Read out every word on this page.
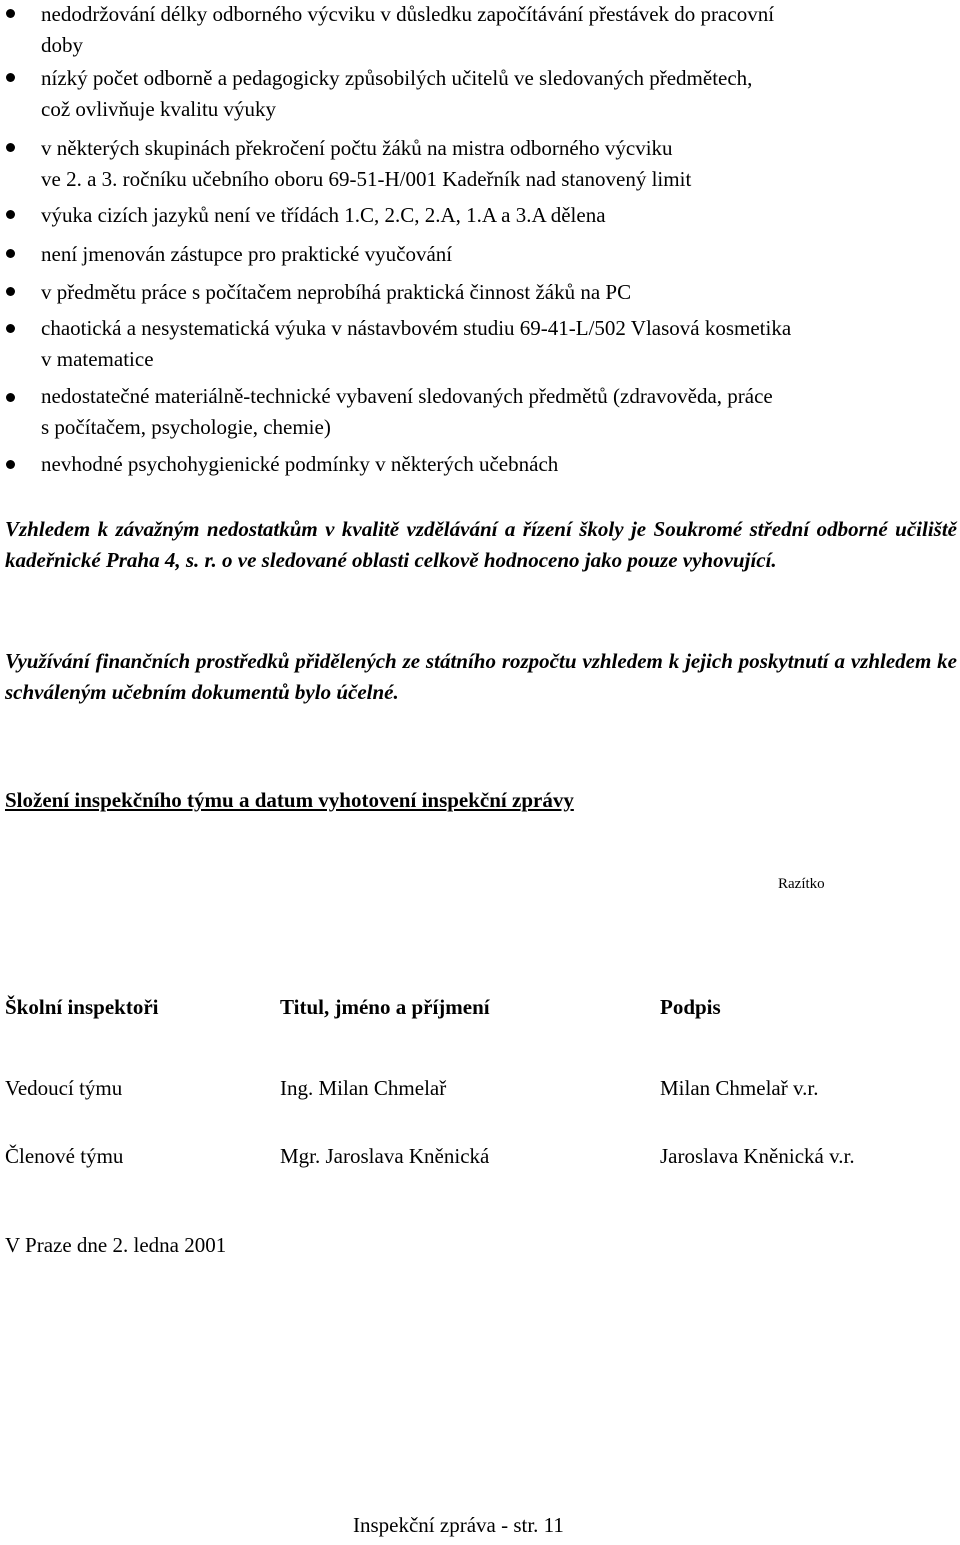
nedodržování délky odborného výcviku v důsledku započítávání přestávek do pracovní
doby
nízký počet odborně a pedagogicky způsobilých učitelů ve sledovaných předmětech,
což ovlivňuje kvalitu výuky
v některých skupinách překročení počtu žáků na mistra odborného výcviku
ve 2. a 3. ročníku učebního oboru 69-51-H/001 Kadeřník nad stanovený limit
výuka cizích jazyků není ve třídách 1.C, 2.C, 2.A, 1.A a 3.A dělena
není jmenován zástupce pro praktické vyučování
v předmětu práce s počítačem neprobíhá praktická činnost žáků na PC
chaotická a nesystematická výuka v nástavbovém studiu 69-41-L/502 Vlasová kosmetika
v matematice
nedostatečné materiálně-technické vybavení sledovaných předmětů (zdravověda, práce
s počítačem, psychologie, chemie)
nevhodné psychohygienické podmínky v některých učebnách

Vzhledem k závažným nedostatkům v kvalitě vzdělávání a řízení školy je Soukromé střední odborné učiliště kadeřnické Praha 4, s. r. o ve sledované oblasti celkově hodnoceno jako pouze vyhovující.

Využívání finančních prostředků přidělených ze státního rozpočtu vzhledem k jejich poskytnutí a vzhledem ke schváleným učebním dokumentů bylo účelné.

Složení inspekčního týmu a datum vyhotovení inspekční zprávy
Razítko
Školní inspektoři	Titul, jméno a příjmení	Podpis
Vedoucí týmu	Ing. Milan Chmelař	Milan Chmelař v.r.
Členové týmu	Mgr. Jaroslava Kněnická	Jaroslava Kněnická v.r.
V Praze dne 2. ledna 2001
Inspekční zpráva - str. 11
